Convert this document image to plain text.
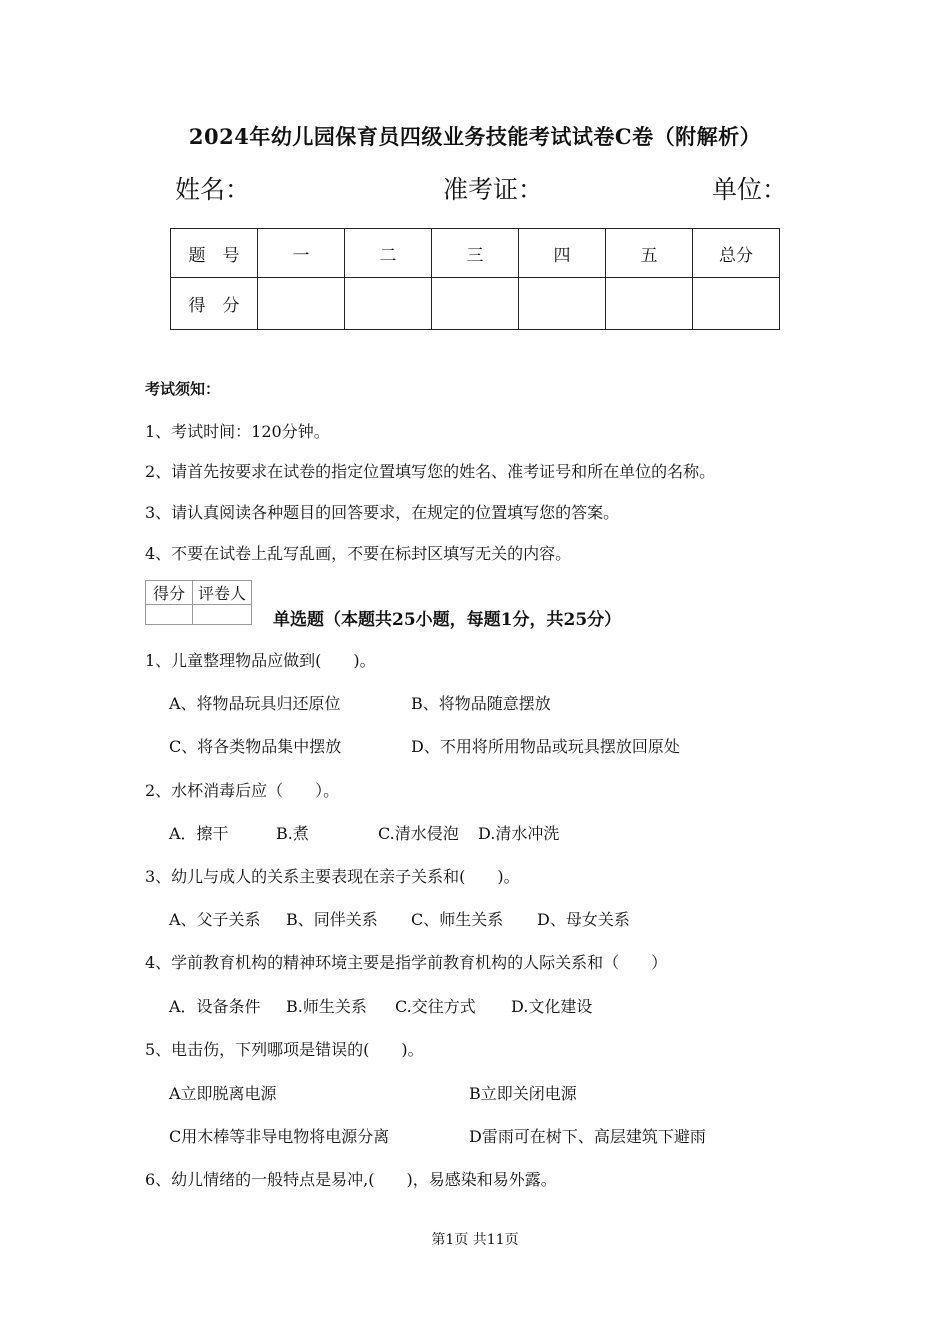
2024年幼儿园保育员四级业务技能考试试卷C卷（附解析）
姓名：	准考证：	单位：
题　号	一	二	三	四	五	总分
得　分						
考试须知：
1、考试时间：120分钟。
2、请首先按要求在试卷的指定位置填写您的姓名、准考证号和所在单位的名称。
3、请认真阅读各种题目的回答要求，在规定的位置填写您的答案。
4、不要在试卷上乱写乱画，不要在标封区填写无关的内容。
得分	评卷人

单选题（本题共25小题，每题1分，共25分）
1、儿童整理物品应做到(　　)。
A、将物品玩具归还原位	B、将物品随意摆放
C、将各类物品集中摆放	D、不用将所用物品或玩具摆放回原处
2、水杯消毒后应（　　）。
A．擦干	B.煮	C.清水侵泡 D.清水冲洗
3、幼儿与成人的关系主要表现在亲子关系和(　　)。
A、父子关系 B、同伴关系 C、师生关系 D、母女关系
4、学前教育机构的精神环境主要是指学前教育机构的人际关系和（　　）
A．设备条件 B.师生关系 C.交往方式 D.文化建设
5、电击伤，下列哪项是错误的(　　)。
A立即脱离电源	B立即关闭电源
C用木棒等非导电物将电源分离	D雷雨可在树下、高层建筑下避雨
6、幼儿情绪的一般特点是易冲,(　　)，易感染和易外露。
第1页 共11页
